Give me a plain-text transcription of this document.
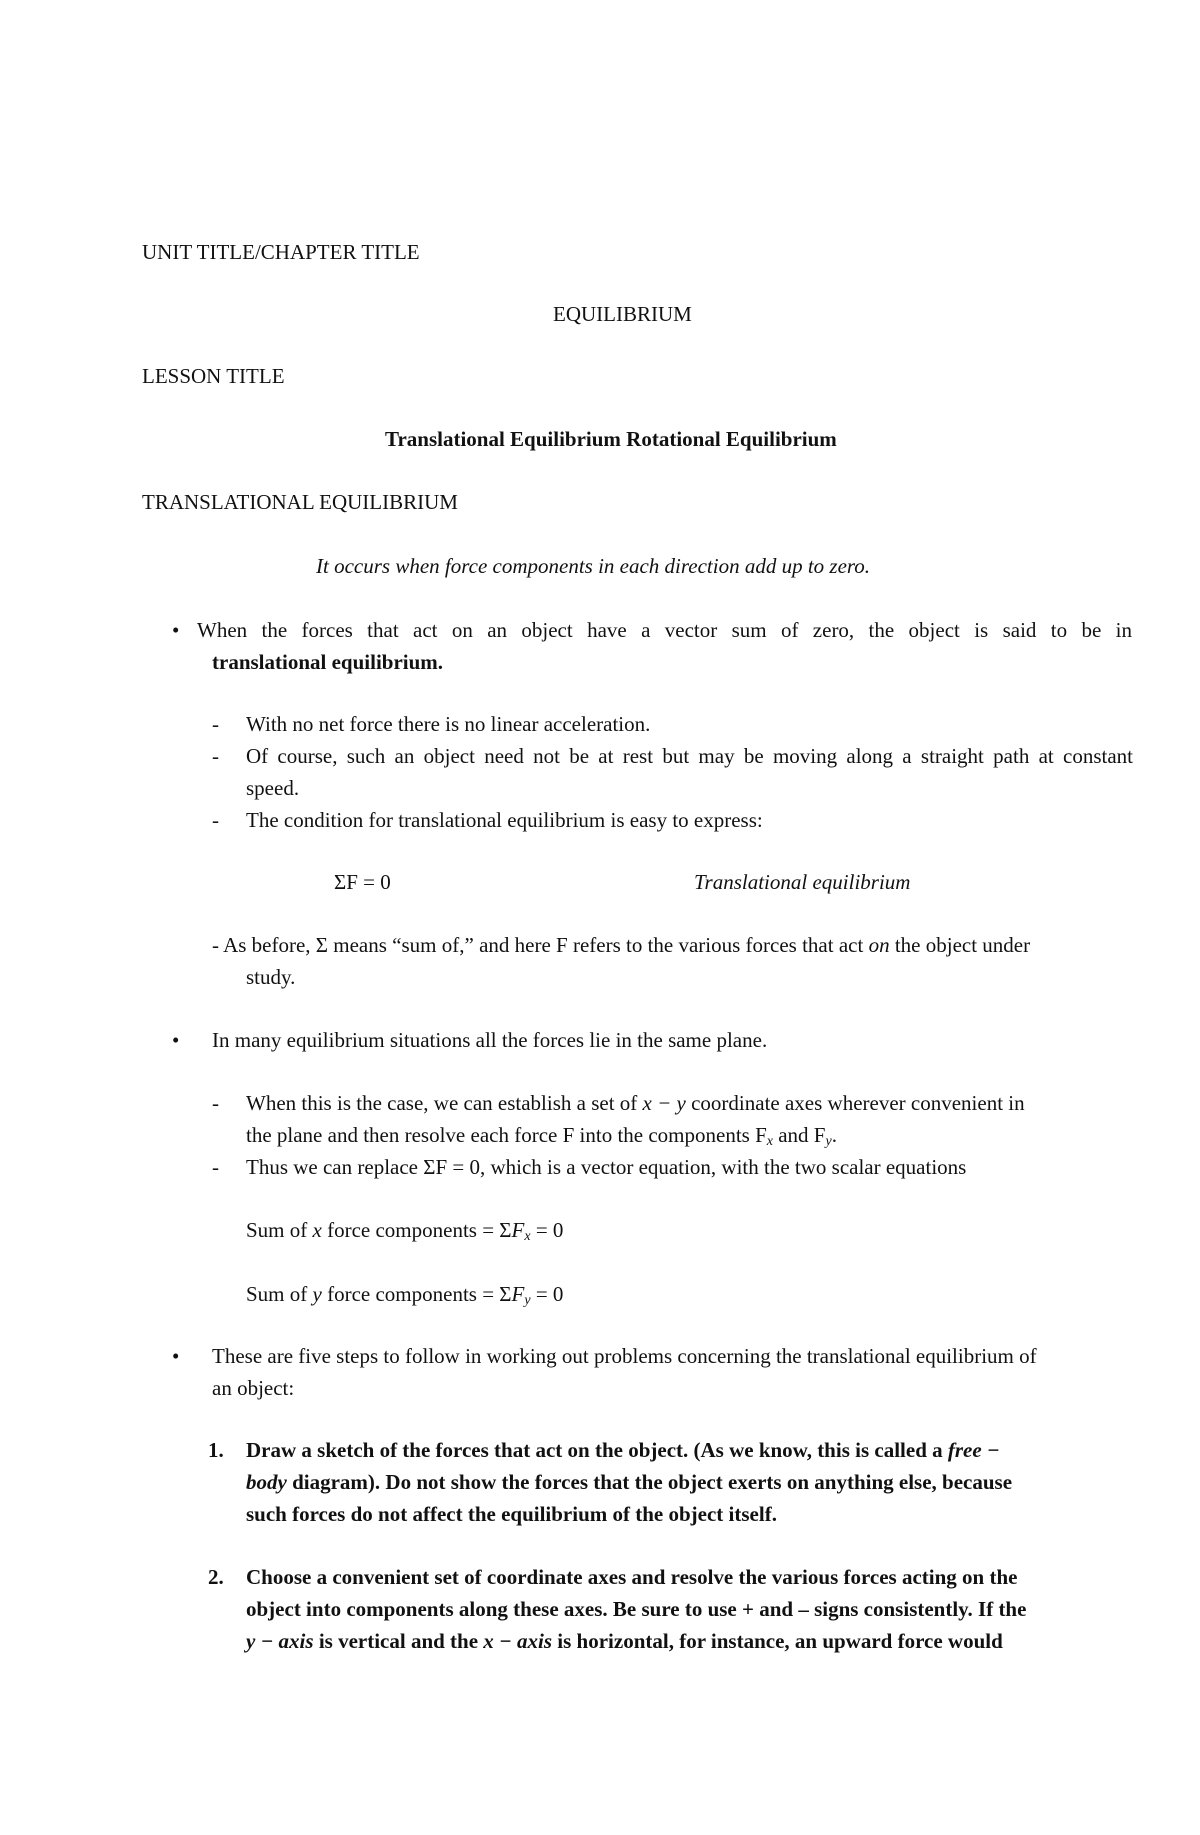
UNIT TITLE/CHAPTER TITLE
EQUILIBRIUM
LESSON TITLE
Translational Equilibrium Rotational Equilibrium
TRANSLATIONAL EQUILIBRIUM
It occurs when force components in each direction add up to zero.
• When the forces that act on an object have a vector sum of zero, the object is said to be in
translational equilibrium.
- With no net force there is no linear acceleration.
- Of course, such an object need not be at rest but may be moving along a straight path at constant
speed.
- The condition for translational equilibrium is easy to express:
ΣF = 0	Translational equilibrium
- As before, Σ means “sum of,” and here F refers to the various forces that act on the object under
study.
• In many equilibrium situations all the forces lie in the same plane.
- When this is the case, we can establish a set of x − y coordinate axes wherever convenient in
the plane and then resolve each force F into the components $F_x$ and $F_y$.
- Thus we can replace ΣF = 0, which is a vector equation, with the two scalar equations
Sum of x force components = $\Sigma F_x = 0$
Sum of y force components = $\Sigma F_y = 0$
• These are five steps to follow in working out problems concerning the translational equilibrium of
an object:
1. Draw a sketch of the forces that act on the object. (As we know, this is called a free −
body diagram). Do not show the forces that the object exerts on anything else, because
such forces do not affect the equilibrium of the object itself.
2. Choose a convenient set of coordinate axes and resolve the various forces acting on the
object into components along these axes. Be sure to use + and – signs consistently. If the
y − axis is vertical and the x − axis is horizontal, for instance, an upward force would
